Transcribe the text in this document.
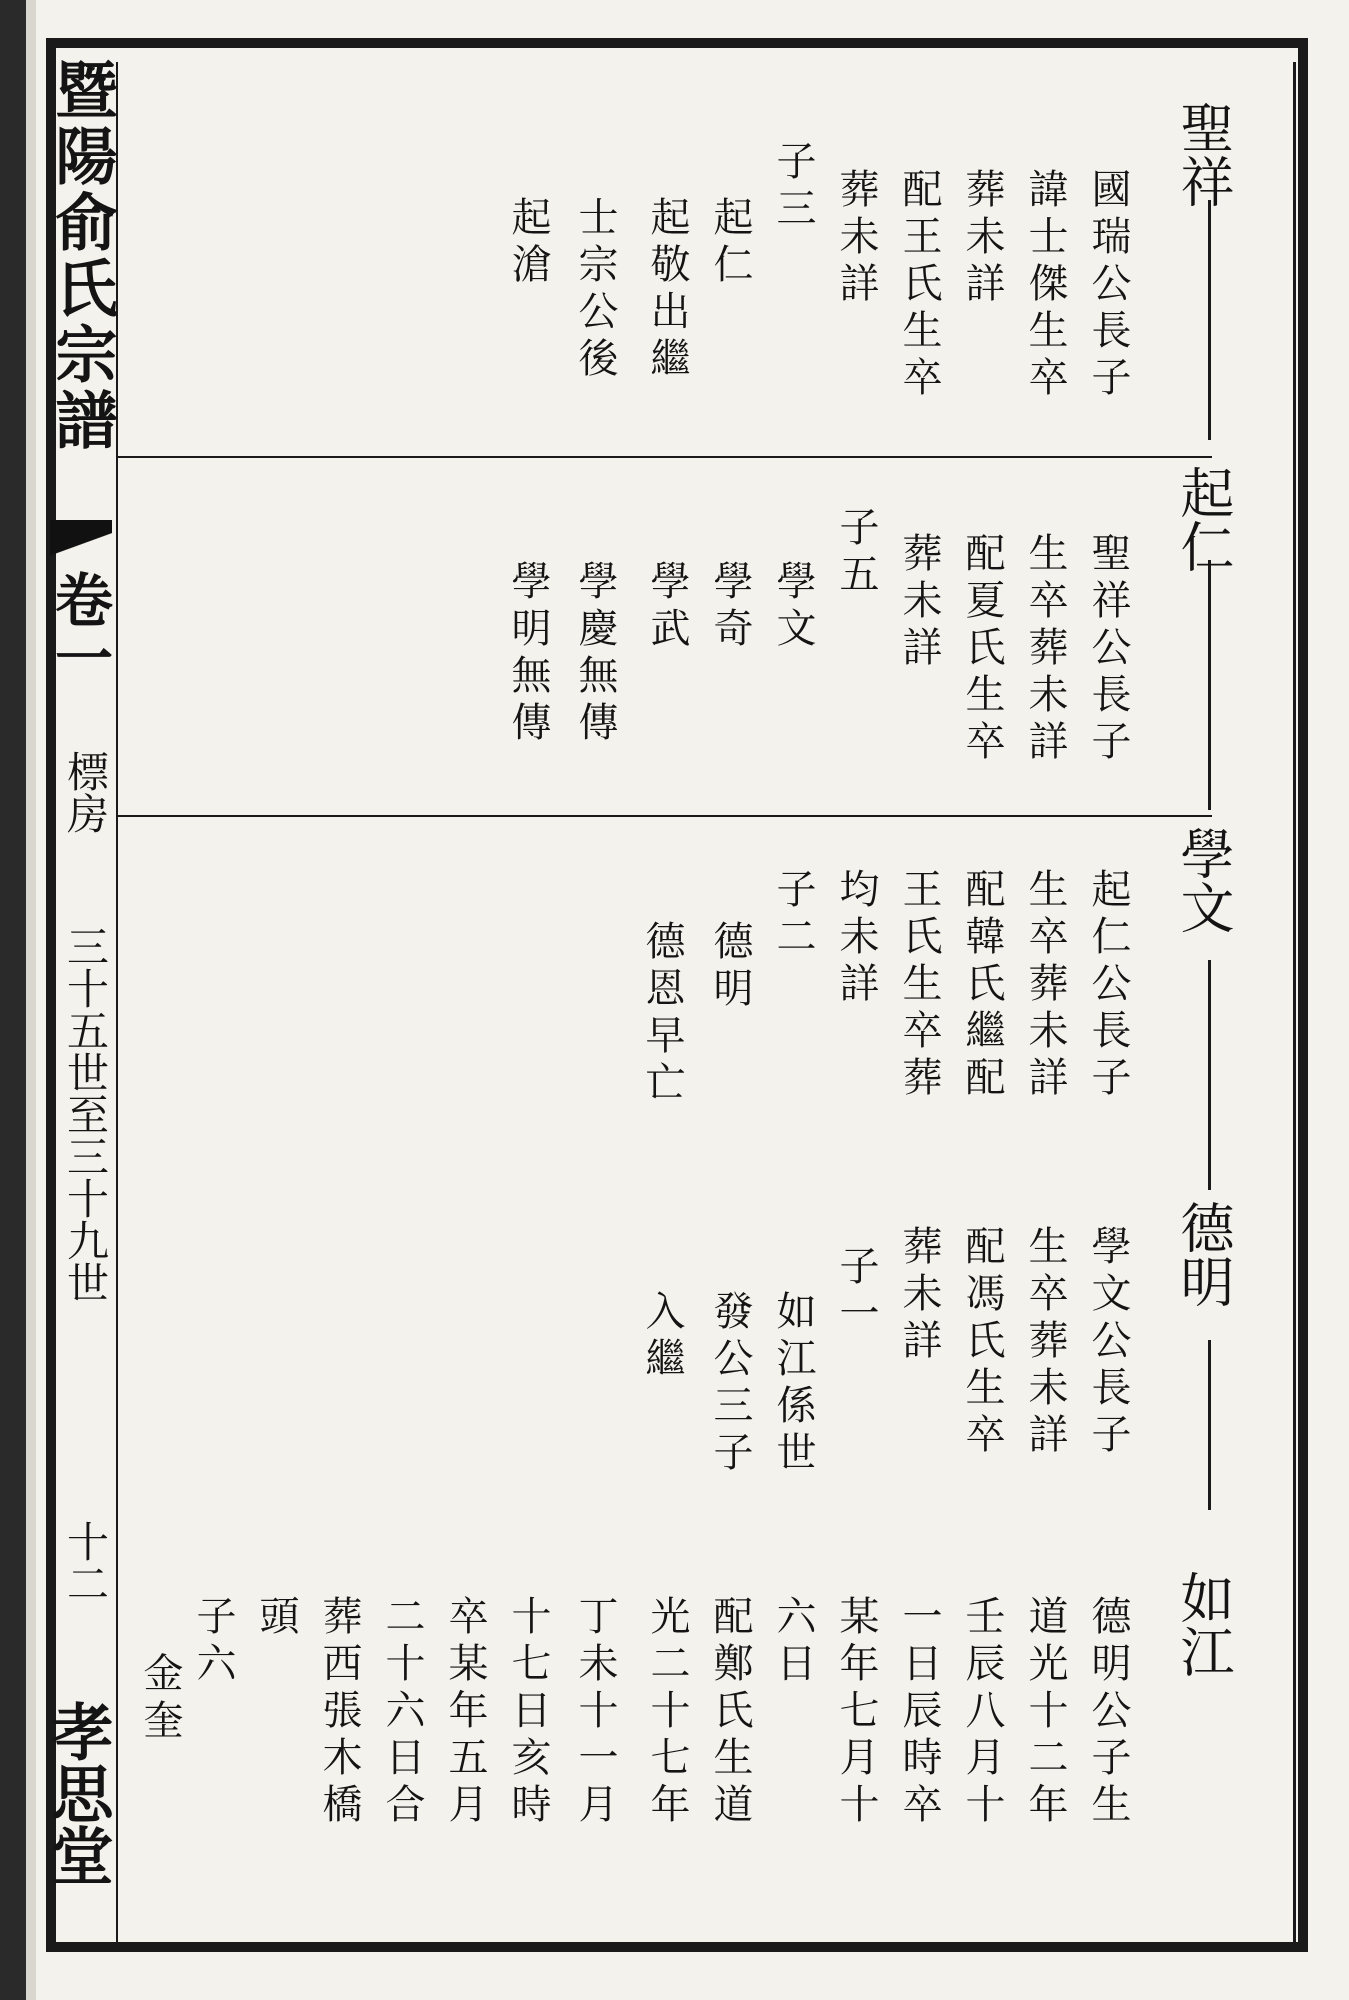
暨陽俞氏宗譜
卷一
標房
三十五世至三十九世
十二
孝思堂
聖祥
國瑞公長子
諱士傑生卒
葬未詳
配王氏生卒
葬未詳
子三
起仁
起敬出繼
士宗公後
起滄
起仁
聖祥公長子
生卒葬未詳
配夏氏生卒
葬未詳
子五
學文
學奇
學武
學慶無傳
學明無傳
學文
起仁公長子
生卒葬未詳
配韓氏繼配
王氏生卒葬
均未詳
子二
德明
德恩早亡
德明
學文公長子
生卒葬未詳
配馮氏生卒
葬未詳
子一
如江係世
發公三子
入繼
如江
德明公子生
道光十二年
壬辰八月十
一日辰時卒
某年七月十
六日
配鄭氏生道
光二十七年
丁未十一月
十七日亥時
卒某年五月
二十六日合
葬西張木橋
頭
子六
金奎
